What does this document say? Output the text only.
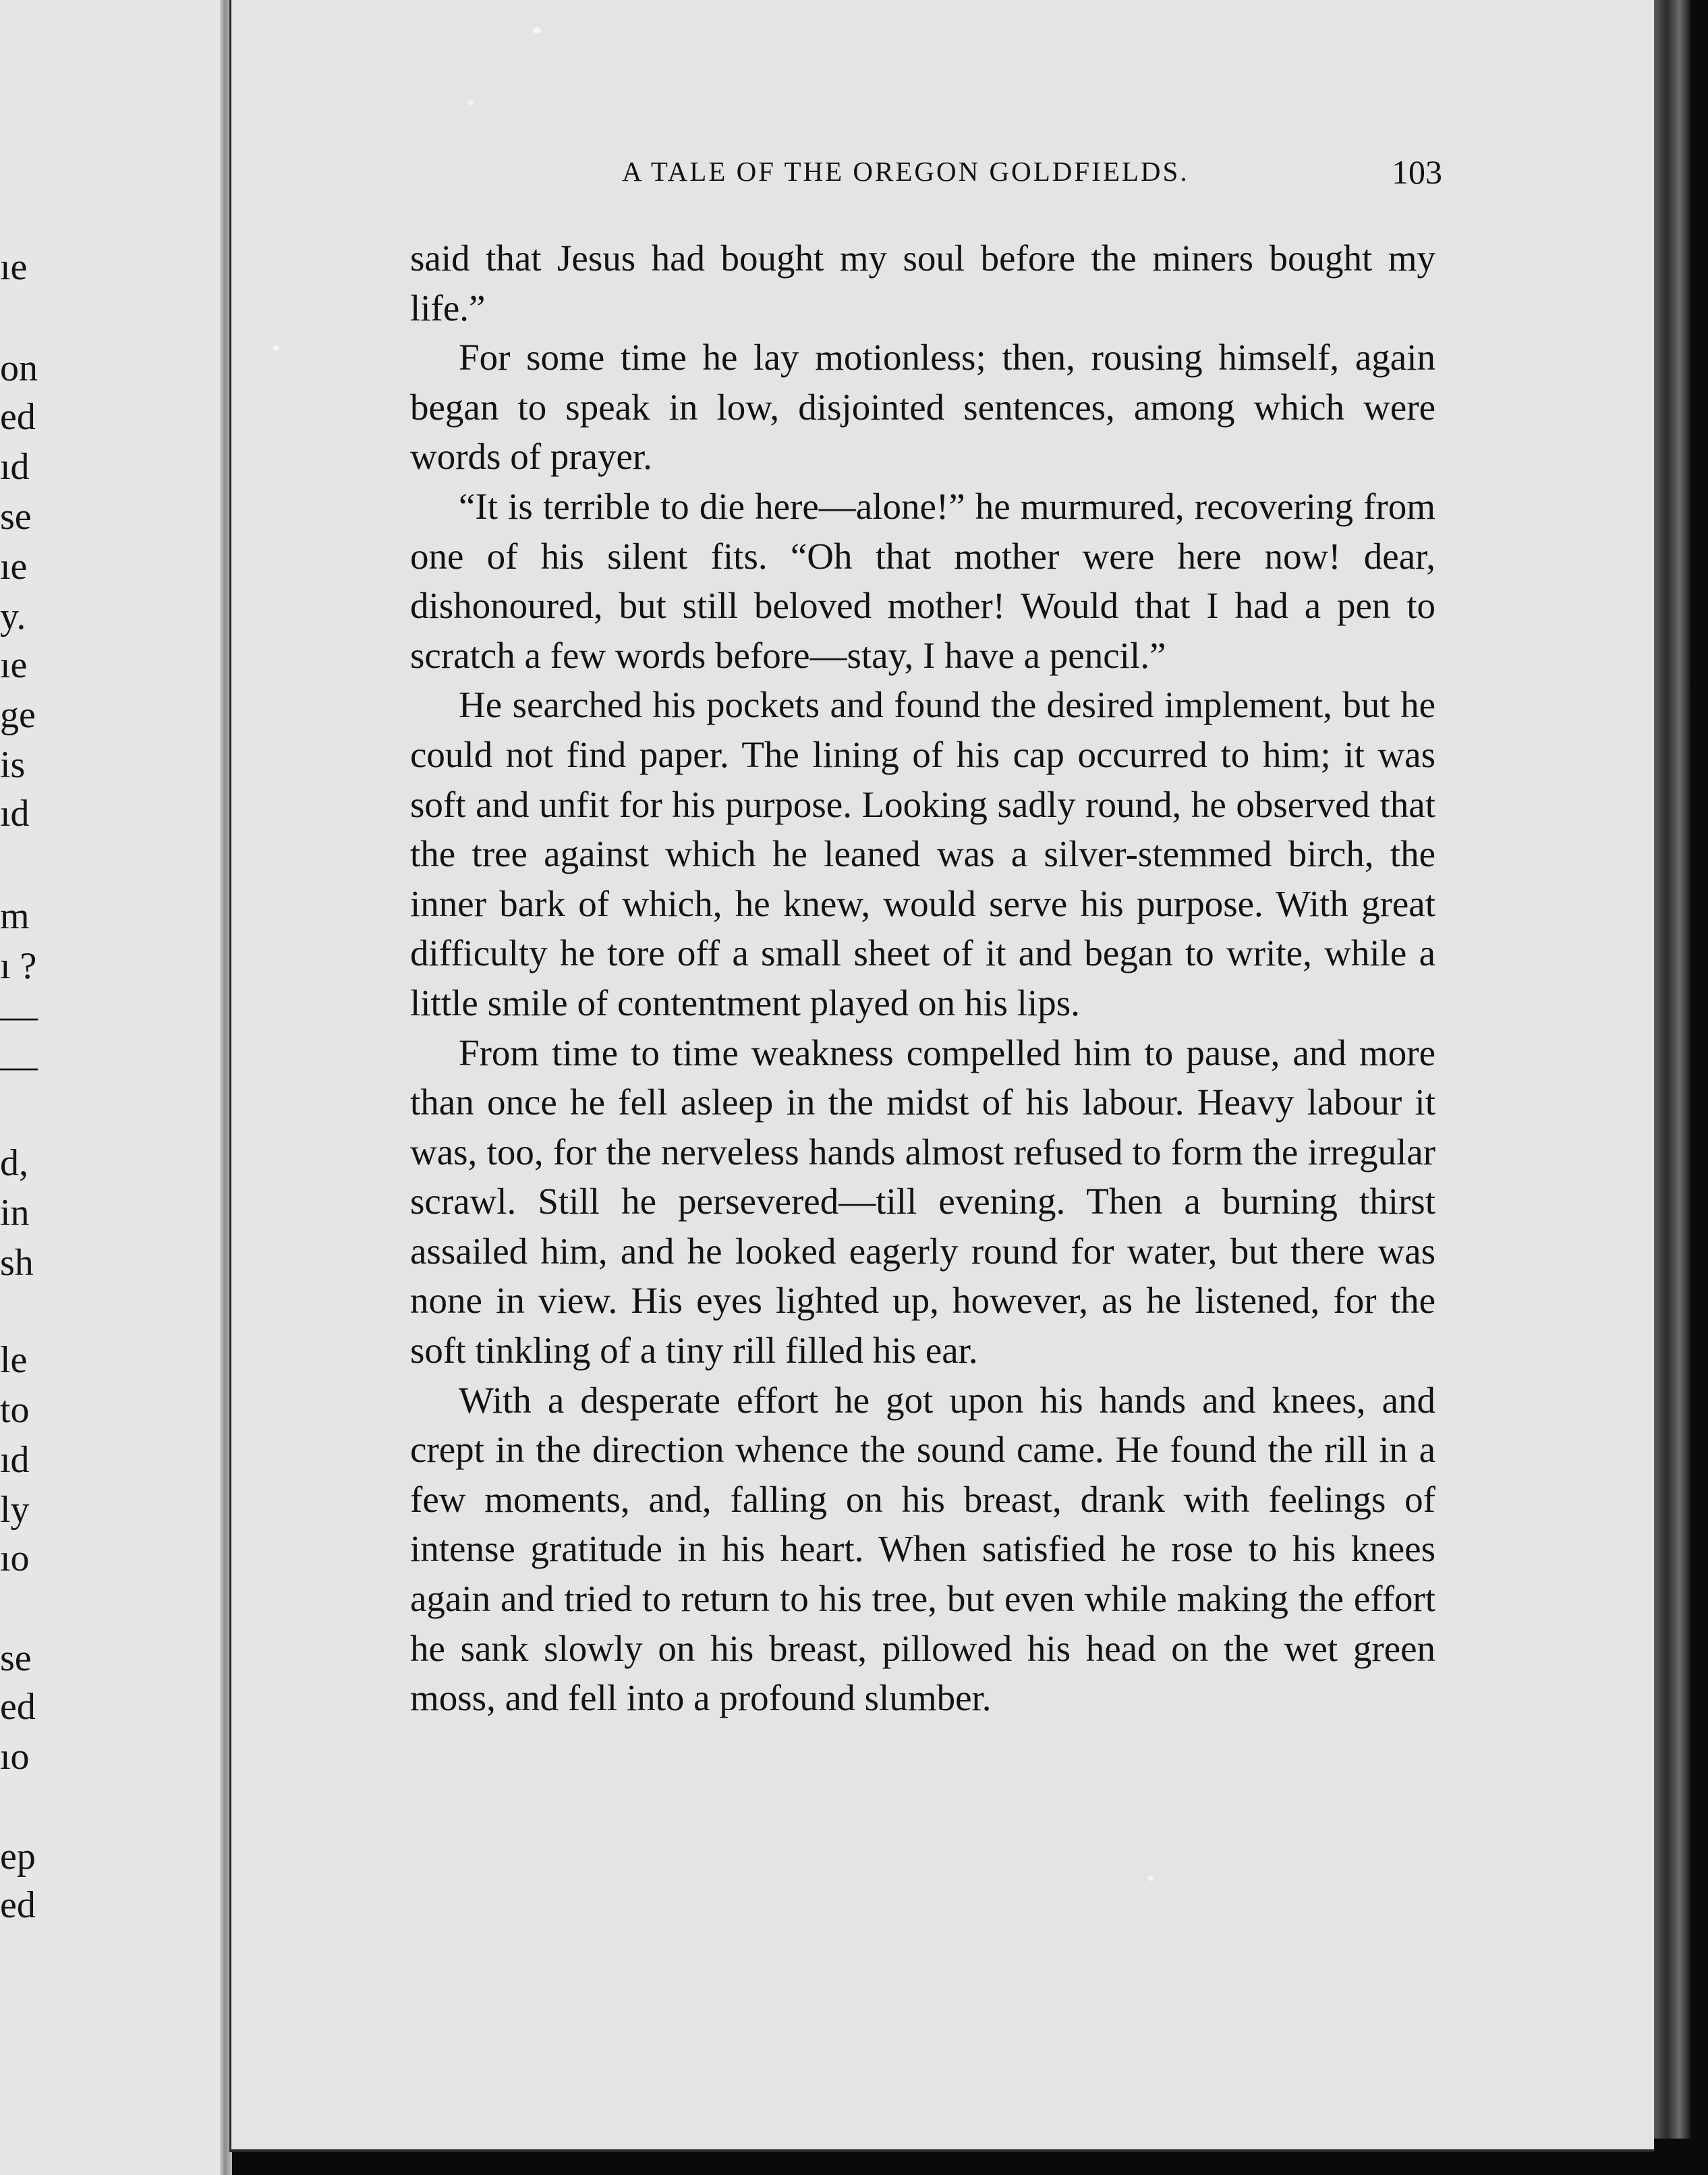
ıe
on
ed
ıd
se
ıe
y.
ıe
ge
is
ıd
m
ı ?
—
—
d,
in
sh
le
to
ıd
ly
ıo
se
ed
ıo
ep
ed
A TALE OF THE OREGON GOLDFIELDS.	103

said that Jesus had bought my soul before the miners bought my life.”

For some time he lay motionless; then, rousing himself, again began to speak in low, disjointed sentences, among which were words of prayer.

“It is terrible to die here—alone!” he murmured, recovering from one of his silent fits. “Oh that mother were here now! dear, dishonoured, but still beloved mother! Would that I had a pen to scratch a few words before—stay, I have a pencil.”

He searched his pockets and found the desired implement, but he could not find paper. The lining of his cap occurred to him; it was soft and unfit for his purpose. Looking sadly round, he observed that the tree against which he leaned was a silver-stemmed birch, the inner bark of which, he knew, would serve his purpose. With great difficulty he tore off a small sheet of it and began to write, while a little smile of contentment played on his lips.

From time to time weakness compelled him to pause, and more than once he fell asleep in the midst of his labour. Heavy labour it was, too, for the nerveless hands almost refused to form the irregular scrawl. Still he persevered—till evening. Then a burning thirst assailed him, and he looked eagerly round for water, but there was none in view. His eyes lighted up, however, as he listened, for the soft tinkling of a tiny rill filled his ear.

With a desperate effort he got upon his hands and knees, and crept in the direction whence the sound came. He found the rill in a few moments, and, falling on his breast, drank with feelings of intense gratitude in his heart. When satisfied he rose to his knees again and tried to return to his tree, but even while making the effort he sank slowly on his breast, pillowed his head on the wet green moss, and fell into a profound slumber.
